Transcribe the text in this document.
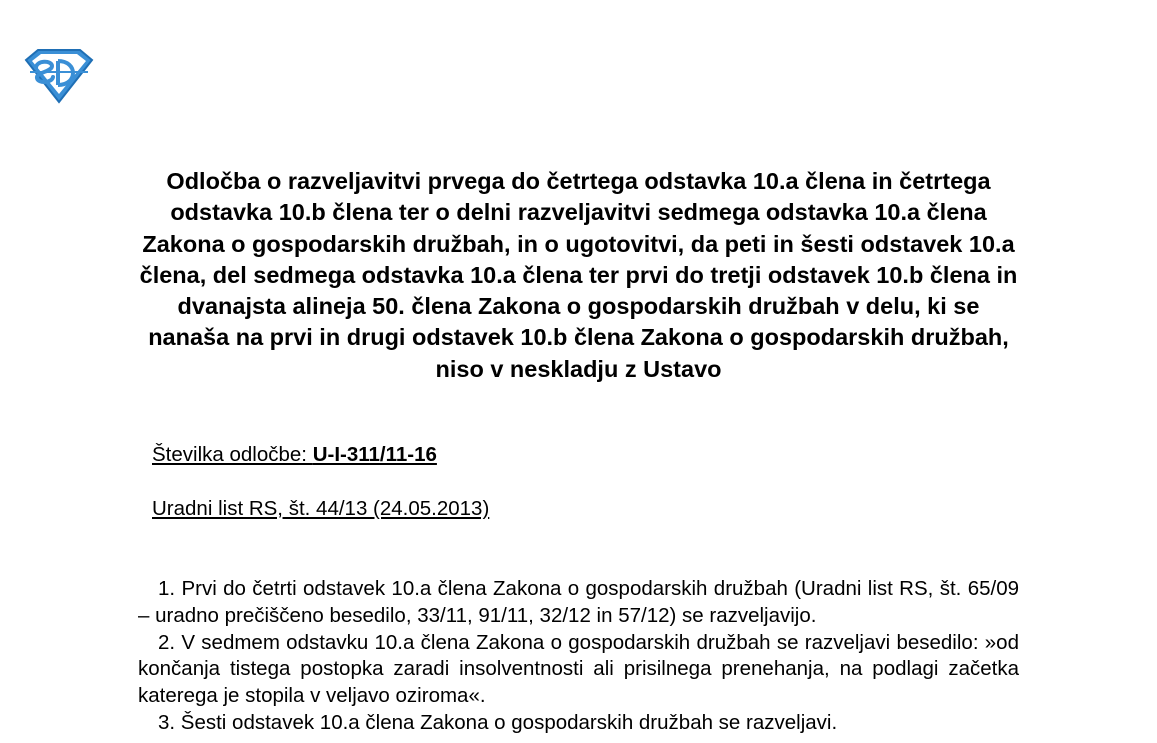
Odločba o razveljavitvi prvega do četrtega odstavka 10.a člena in četrtega odstavka 10.b člena ter o delni razveljavitvi sedmega odstavka 10.a člena Zakona o gospodarskih družbah, in o ugotovitvi, da peti in šesti odstavek 10.a člena, del sedmega odstavka 10.a člena ter prvi do tretji odstavek 10.b člena in dvanajsta alineja 50. člena Zakona o gospodarskih družbah v delu, ki se nanaša na prvi in drugi odstavek 10.b člena Zakona o gospodarskih družbah, niso v neskladju z Ustavo
Številka odločbe: U-I-311/11-16
Uradni list RS, št. 44/13 (24.05.2013)

1. Prvi do četrti odstavek 10.a člena Zakona o gospodarskih družbah (Uradni list RS, št. 65/09 – uradno prečiščeno besedilo, 33/11, 91/11, 32/12 in 57/12) se razveljavijo.

2. V sedmem odstavku 10.a člena Zakona o gospodarskih družbah se razveljavi besedilo: »od končanja tistega postopka zaradi insolventnosti ali prisilnega prenehanja, na podlagi začetka katerega je stopila v veljavo oziroma«.

3. Šesti odstavek 10.a člena Zakona o gospodarskih družbah se razveljavi.
